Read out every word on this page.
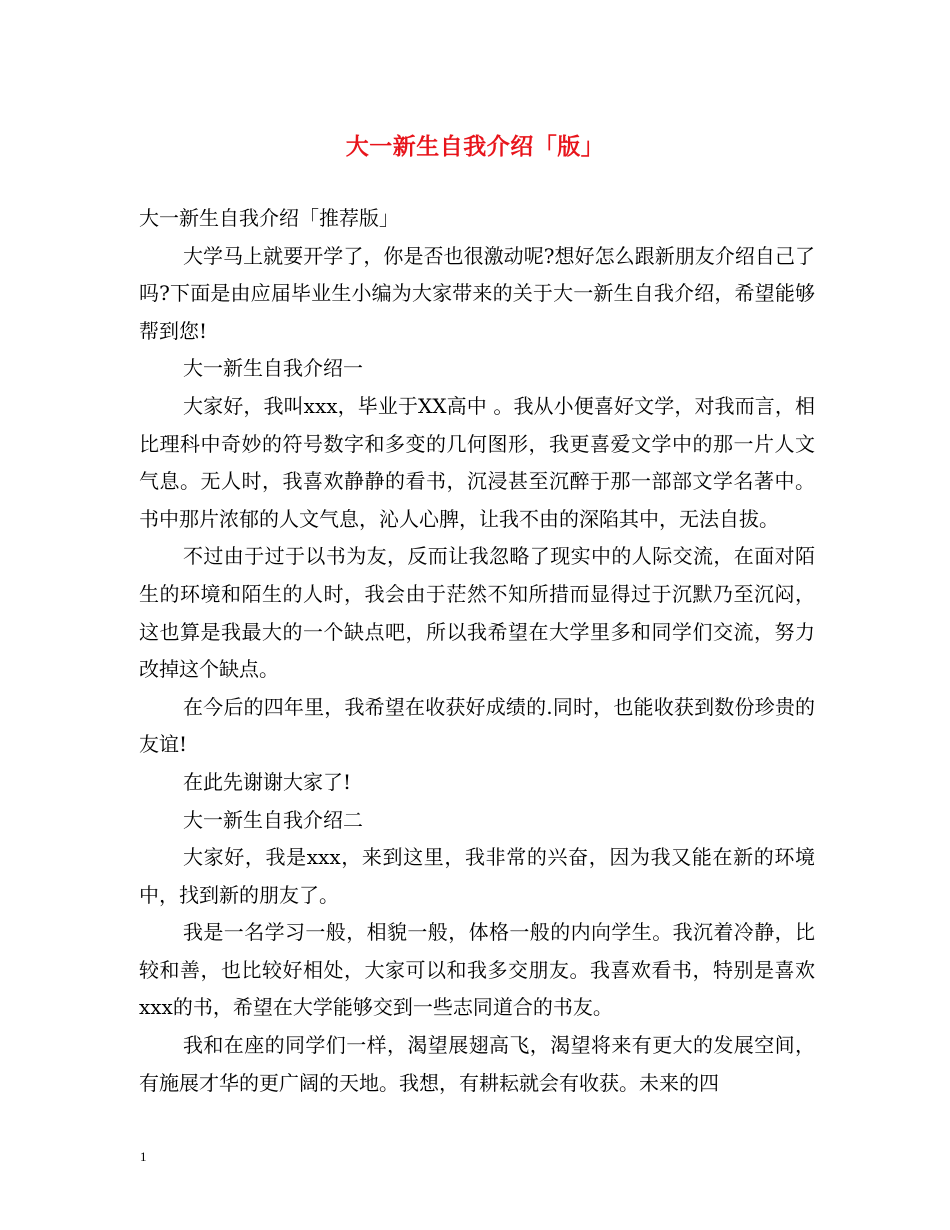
大一新生自我介绍「版」

大一新生自我介绍「推荐版」

大学马上就要开学了，你是否也很激动呢?想好怎么跟新朋友介绍自己了吗?下面是由应届毕业生小编为大家带来的关于大一新生自我介绍，希望能够帮到您!

大一新生自我介绍一

大家好，我叫xxx，毕业于XX高中 。我从小便喜好文学，对我而言，相比理科中奇妙的符号数字和多变的几何图形，我更喜爱文学中的那一片人文气息。无人时，我喜欢静静的看书，沉浸甚至沉醉于那一部部文学名著中。书中那片浓郁的人文气息，沁人心脾，让我不由的深陷其中，无法自拔。

不过由于过于以书为友，反而让我忽略了现实中的人际交流，在面对陌生的环境和陌生的人时，我会由于茫然不知所措而显得过于沉默乃至沉闷，这也算是我最大的一个缺点吧，所以我希望在大学里多和同学们交流，努力改掉这个缺点。

在今后的四年里，我希望在收获好成绩的.同时，也能收获到数份珍贵的友谊!

在此先谢谢大家了!

大一新生自我介绍二

大家好，我是xxx，来到这里，我非常的兴奋，因为我又能在新的环境中，找到新的朋友了。

我是一名学习一般，相貌一般，体格一般的内向学生。我沉着冷静，比较和善，也比较好相处，大家可以和我多交朋友。我喜欢看书，特别是喜欢xxx的书，希望在大学能够交到一些志同道合的书友。

我和在座的同学们一样，渴望展翅高飞，渴望将来有更大的发展空间，有施展才华的更广阔的天地。我想，有耕耘就会有收获。未来的四

1
